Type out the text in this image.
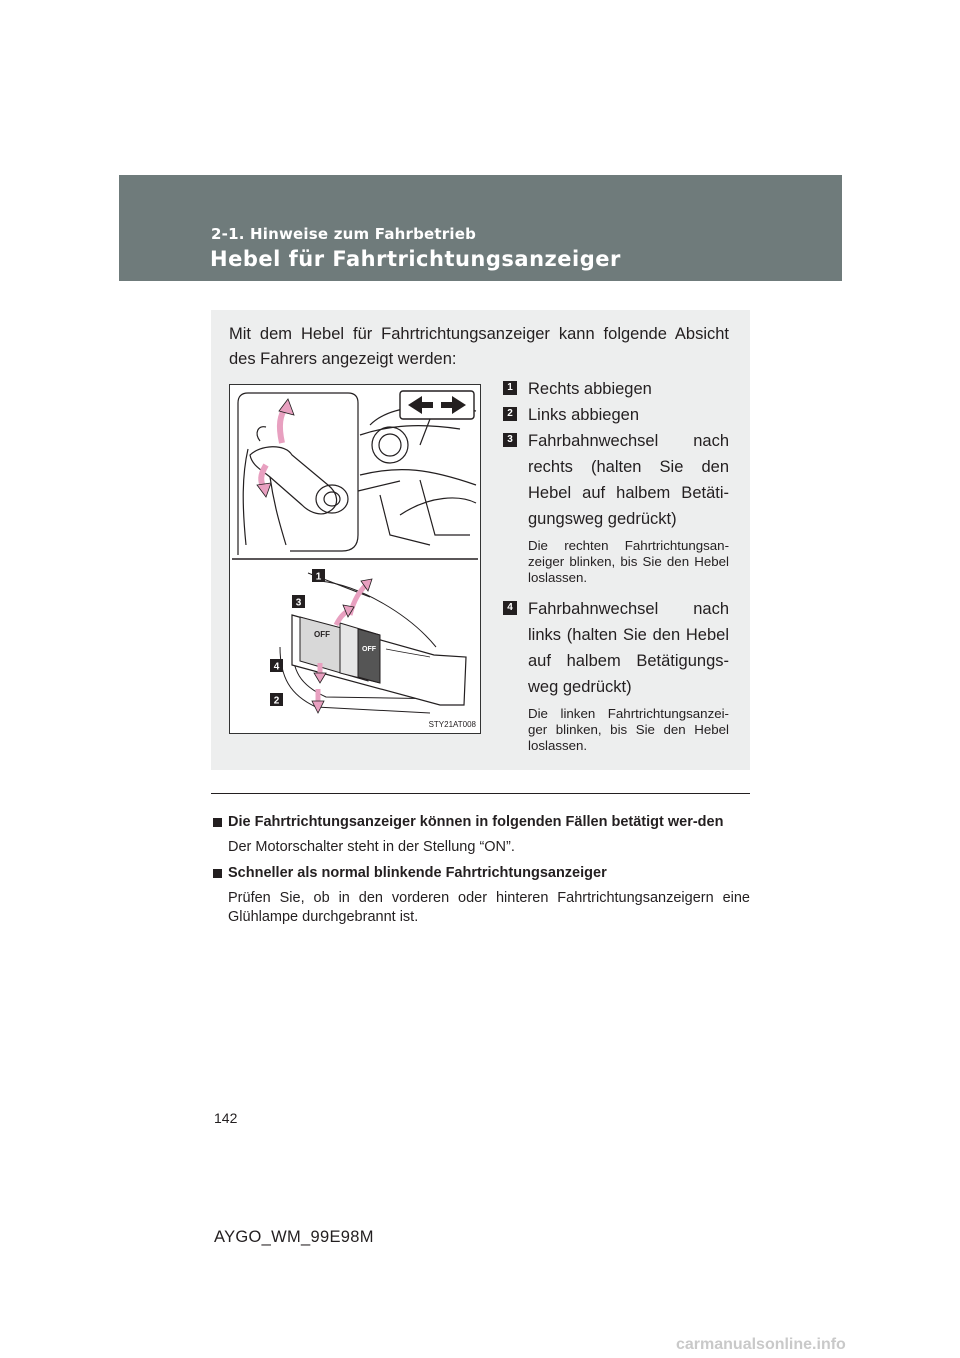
2-1. Hinweise zum Fahrbetrieb
Hebel für Fahrtrichtungsanzeiger
Mit dem Hebel für Fahrtrichtungsanzeiger kann folgende Absicht des Fahrers angezeigt werden:
OFF
OFF
1
3
4
2
STY21AT008
1 Rechts abbiegen
2 Links abbiegen
3 Fahrbahnwechsel nach rechts (halten Sie den Hebel auf halbem Betäti-gungsweg gedrückt)
Die rechten Fahrtrichtungsan-zeiger blinken, bis Sie den Hebel loslassen.
4 Fahrbahnwechsel nach links (halten Sie den Hebel auf halbem Betätigungs-weg gedrückt)
Die linken Fahrtrichtungsanzei-ger blinken, bis Sie den Hebel loslassen.
Die Fahrtrichtungsanzeiger können in folgenden Fällen betätigt wer-den
Der Motorschalter steht in der Stellung “ON”.
Schneller als normal blinkende Fahrtrichtungsanzeiger
Prüfen Sie, ob in den vorderen oder hinteren Fahrtrichtungsanzeigern eine Glühlampe durchgebrannt ist.
142
AYGO_WM_99E98M
carmanualsonline.info
